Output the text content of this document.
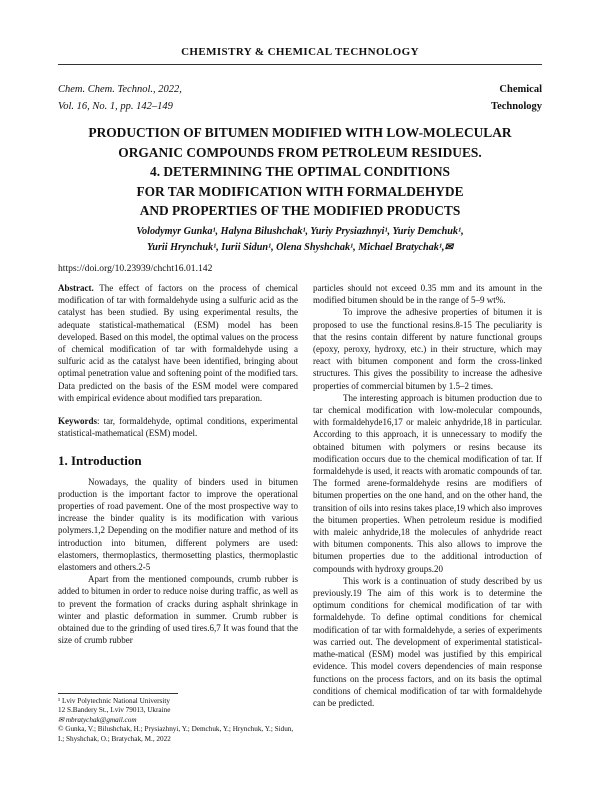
CHEMISTRY & CHEMICAL TECHNOLOGY
Chem. Chem. Technol., 2022,
Vol. 16, No. 1, pp. 142–149
Chemical
Technology
PRODUCTION OF BITUMEN MODIFIED WITH LOW-MOLECULAR
ORGANIC COMPOUNDS FROM PETROLEUM RESIDUES.
4. DETERMINING THE OPTIMAL CONDITIONS
FOR TAR MODIFICATION WITH FORMALDEHYDE
AND PROPERTIES OF THE MODIFIED PRODUCTS
Volodymyr Gunka¹, Halyna Bilushchak¹, Yuriy Prysiazhnyi¹, Yuriy Demchuk¹,
Yurii Hrynchuk¹, Iurii Sidun¹, Olena Shyshchak¹, Michael Bratychak¹,✉
https://doi.org/10.23939/chcht16.01.142

Abstract. The effect of factors on the process of chemical modification of tar with formaldehyde using a sulfuric acid as the catalyst has been studied. By using experimental results, the adequate statistical-mathematical (ESM) model has been developed. Based on this model, the optimal values on the process of chemical modification of tar with formaldehyde using a sulfuric acid as the catalyst have been identified, bringing about optimal penetration value and softening point of the modified tars. Data predicted on the basis of the ESM model were compared with empirical evidence about modified tars preparation.

Keywords: tar, formaldehyde, optimal conditions, experimental statistical-mathematical (ESM) model.

1. Introduction

Nowadays, the quality of binders used in bitumen production is the important factor to improve the operational properties of road pavement. One of the most prospective way to increase the binder quality is its modification with various polymers.1,2 Depending on the modifier nature and method of its introduction into bitumen, different polymers are used: elastomers, thermoplastics, thermosetting plastics, thermoplastic elastomers and others.2-5

Apart from the mentioned compounds, crumb rubber is added to bitumen in order to reduce noise during traffic, as well as to prevent the formation of cracks during asphalt shrinkage in winter and plastic deformation in summer. Crumb rubber is obtained due to the grinding of used tires.6,7 It was found that the size of crumb rubber

particles should not exceed 0.35 mm and its amount in the modified bitumen should be in the range of 5–9 wt%.

To improve the adhesive properties of bitumen it is proposed to use the functional resins.8-15 The peculiarity is that the resins contain different by nature functional groups (epoxy, peroxy, hydroxy, etc.) in their structure, which may react with bitumen component and form the cross-linked structures. This gives the possibility to increase the adhesive properties of commercial bitumen by 1.5–2 times.

The interesting approach is bitumen production due to tar chemical modification with low-molecular compounds, with formaldehyde16,17 or maleic anhydride,18 in particular. According to this approach, it is unnecessary to modify the obtained bitumen with polymers or resins because its modification occurs due to the chemical modification of tar. If formaldehyde is used, it reacts with aromatic compounds of tar. The formed arene-formaldehyde resins are modifiers of bitumen properties on the one hand, and on the other hand, the transition of oils into resins takes place,19 which also improves the bitumen properties. When petroleum residue is modified with maleic anhydride,18 the molecules of anhydride react with bitumen components. This also allows to improve the bitumen properties due to the additional introduction of compounds with hydroxy groups.20

This work is a continuation of study described by us previously.19 The aim of this work is to determine the optimum conditions for chemical modification of tar with formaldehyde. To define optimal conditions for chemical modification of tar with formaldehyde, a series of experiments was carried out. The development of experimental statistical-mathe-matical (ESM) model was justified by this empirical evidence. This model covers dependencies of main response functions on the process factors, and on its basis the optimal conditions of chemical modification of tar with formaldehyde can be predicted.

¹ Lviv Polytechnic National University

12 S.Bandery St., Lviv 79013, Ukraine

✉ mbratychak@gmail.com

© Gunka, V.; Bilushchak, H.; Prysiazhnyi, Y.; Demchuk, Y.; Hrynchuk, Y.; Sidun, I.; Shyshchak, O.; Bratychak, M., 2022
